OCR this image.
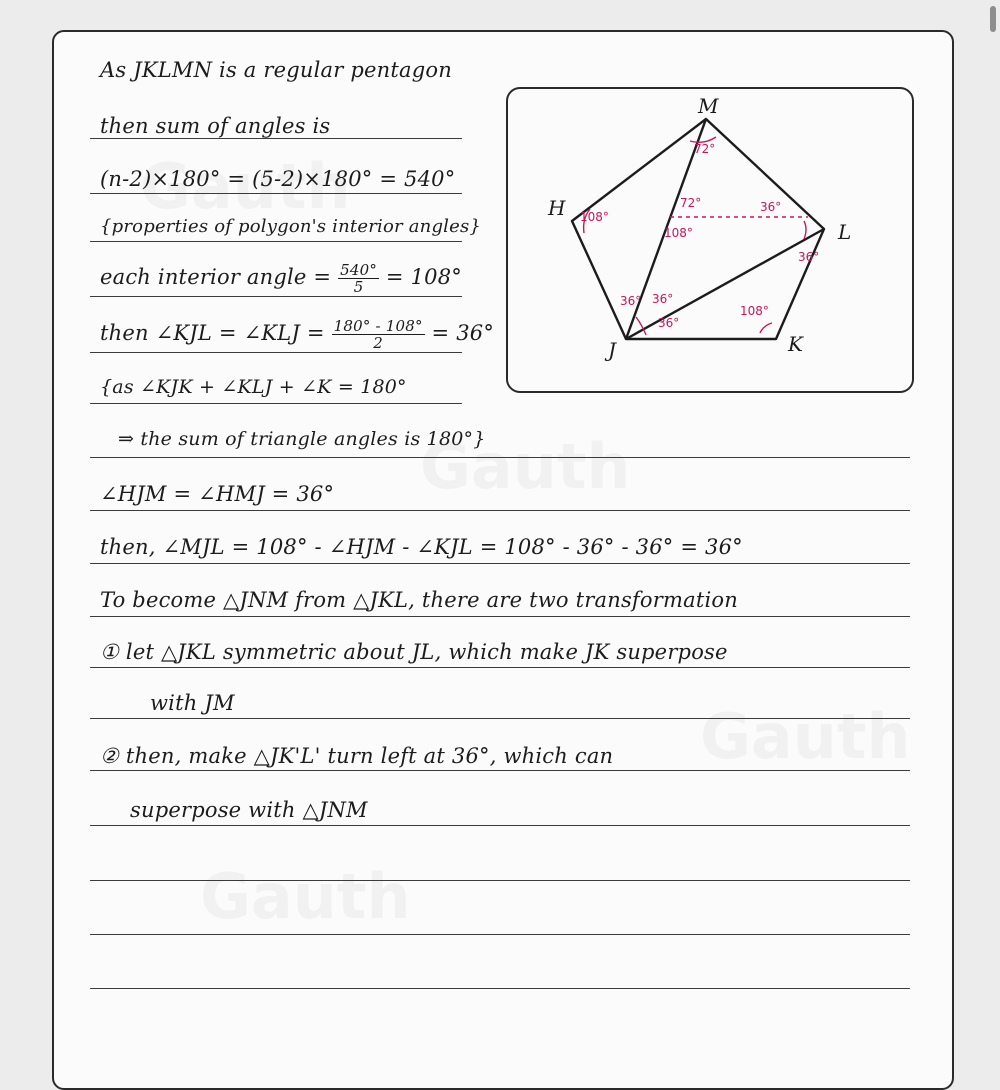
As JKLMN is a regular pentagon
then sum of angles is
(n-2)×180° = (5-2)×180° = 540°
{properties of polygon's interior angles}
each interior angle = $\frac{540^\circ}{5} = 108^\circ$
then ∠KJL = ∠KLJ = $\frac{180^\circ - 108^\circ}{2} = 36^\circ$
{as ∠KJK + ∠KLJ + ∠K = 180°
⇒ the sum of triangle angles is 180°}
∠HJM = ∠HMJ = 36°
then, ∠MJL = 108° - ∠HJM - ∠KJL = 108° - 36° - 36° = 36°
To become △JNM from △JKL, there are two transformation
① let △JKL symmetric about JL, which make JK superpose
with JM
② then, make △JK'L' turn left at 36°, which can
superpose with △JNM
M
H
L
K
J
72°
108°
72°
108°
36°
36°
36° 36°
36°
108°
